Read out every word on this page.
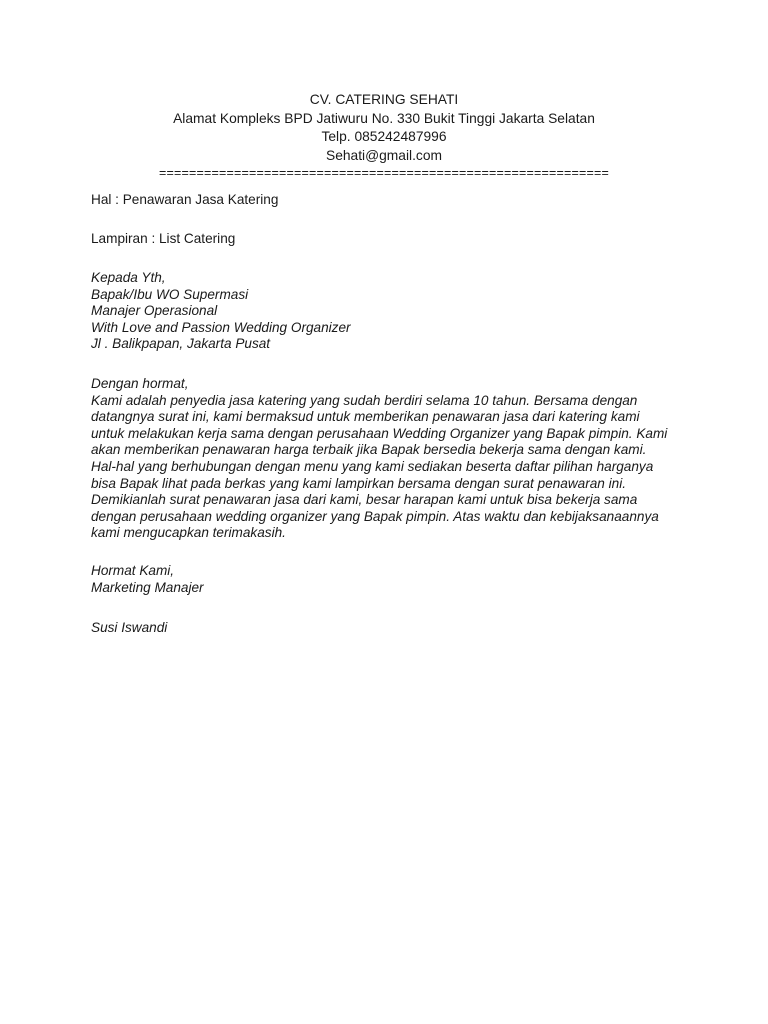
CV. CATERING SEHATI
Alamat Kompleks BPD Jatiwuru No. 330 Bukit Tinggi Jakarta Selatan
Telp. 085242487996
Sehati@gmail.com
============================================================
Hal : Penawaran Jasa Katering
Lampiran : List Catering
Kepada Yth,
Bapak/Ibu WO Supermasi
Manajer Operasional
With Love and Passion Wedding Organizer
Jl . Balikpapan, Jakarta Pusat
Dengan hormat,
Kami adalah penyedia jasa katering yang sudah berdiri selama 10 tahun. Bersama dengan
datangnya surat ini, kami bermaksud untuk memberikan penawaran jasa dari katering kami
untuk melakukan kerja sama dengan perusahaan Wedding Organizer yang Bapak pimpin. Kami
akan memberikan penawaran harga terbaik jika Bapak bersedia bekerja sama dengan kami.
Hal-hal yang berhubungan dengan menu yang kami sediakan beserta daftar pilihan harganya
bisa Bapak lihat pada berkas yang kami lampirkan bersama dengan surat penawaran ini.
Demikianlah surat penawaran jasa dari kami, besar harapan kami untuk bisa bekerja sama
dengan perusahaan wedding organizer yang Bapak pimpin. Atas waktu dan kebijaksanaannya
kami mengucapkan terimakasih.
Hormat Kami,
Marketing Manajer
Susi Iswandi
